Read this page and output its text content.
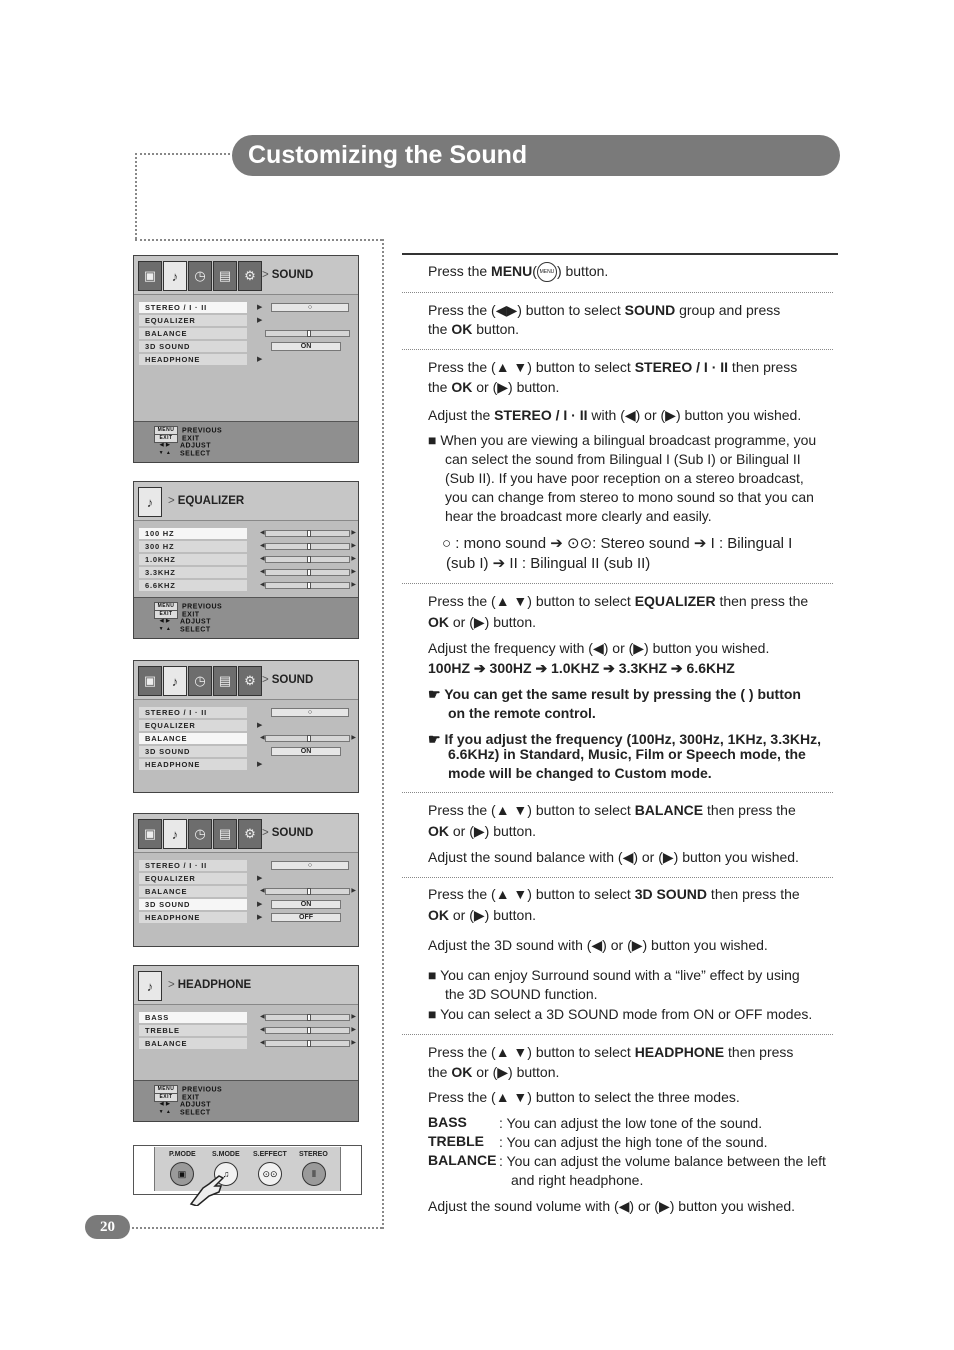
Customizing the Sound
20
▣	♪	◷	▤	⚙ > SOUND
STEREO / I · II	▶	○
EQUALIZER	▶
BALANCE
3D SOUND	ON
HEADPHONE	▶
MENU PREVIOUS
EXIT EXIT
◀ ▶ ADJUST
▼ ▲ SELECT
♪	> EQUALIZER
100 HZ	◀	▶
300 HZ	◀	▶
1.0KHZ	◀	▶
3.3KHZ	◀	▶
6.6KHZ	◀	▶
MENU PREVIOUS
EXIT EXIT
◀ ▶ ADJUST
▼ ▲ SELECT
▣	♪	◷	▤	⚙ > SOUND
STEREO / I · II	○
EQUALIZER	▶
BALANCE	◀	▶
3D SOUND	ON
HEADPHONE	▶
▣	♪	◷	▤	⚙ > SOUND
STEREO / I · II	○
EQUALIZER	▶
BALANCE	◀	▶
3D SOUND	▶	ON
HEADPHONE	▶	OFF
♪	> HEADPHONE
BASS	◀	▶
TREBLE	◀	▶
BALANCE	◀	▶
MENU PREVIOUS
EXIT EXIT
◀ ▶ ADJUST
▼ ▲ SELECT
P.MODE S.MODE S.EFFECT STEREO
▣	♫	⊙⊙	⦀
Press the MENU( MENU ) button.
Press the (◀▶) button to select SOUND group and press
the OK button.
Press the (▲ ▼) button to select STEREO / I · II then press
the OK or (▶) button.
Adjust the STEREO / I · II with (◀) or (▶) button you wished.
■ When you are viewing a bilingual broadcast programme, you
can select the sound from Bilingual I (Sub I) or Bilingual II
(Sub II). If you have poor reception on a stereo broadcast,
you can change from stereo to mono sound so that you can
hear the broadcast more clearly and easily.
○ : mono sound ➔ ⊙⊙: Stereo sound ➔ I : Bilingual I
(sub I) ➔ II : Bilingual II (sub II)
Press the (▲ ▼) button to select EQUALIZER then press the
OK or (▶) button.
Adjust the frequency with (◀) or (▶) button you wished.
100HZ ➔ 300HZ ➔ 1.0KHZ ➔ 3.3KHZ ➔ 6.6KHZ
☛ You can get the same result by pressing the ( ) button
on the remote control.
☛ If you adjust the frequency (100Hz, 300Hz, 1KHz, 3.3KHz,
6.6KHz) in Standard, Music, Film or Speech mode, the
mode will be changed to Custom mode.
Press the (▲ ▼) button to select BALANCE then press the
OK or (▶) button.
Adjust the sound balance with (◀) or (▶) button you wished.
Press the (▲ ▼) button to select 3D SOUND then press the
OK or (▶) button.
Adjust the 3D sound with (◀) or (▶) button you wished.
■ You can enjoy Surround sound with a “live” effect by using
the 3D SOUND function.
■ You can select a 3D SOUND mode from ON or OFF modes.
Press the (▲ ▼) button to select HEADPHONE then press
the OK or (▶) button.
Press the (▲ ▼) button to select the three modes.
BASS : You can adjust the low tone of the sound.
TREBLE : You can adjust the high tone of the sound.
BALANCE : You can adjust the volume balance between the left
and right headphone.
Adjust the sound volume with (◀) or (▶) button you wished.
